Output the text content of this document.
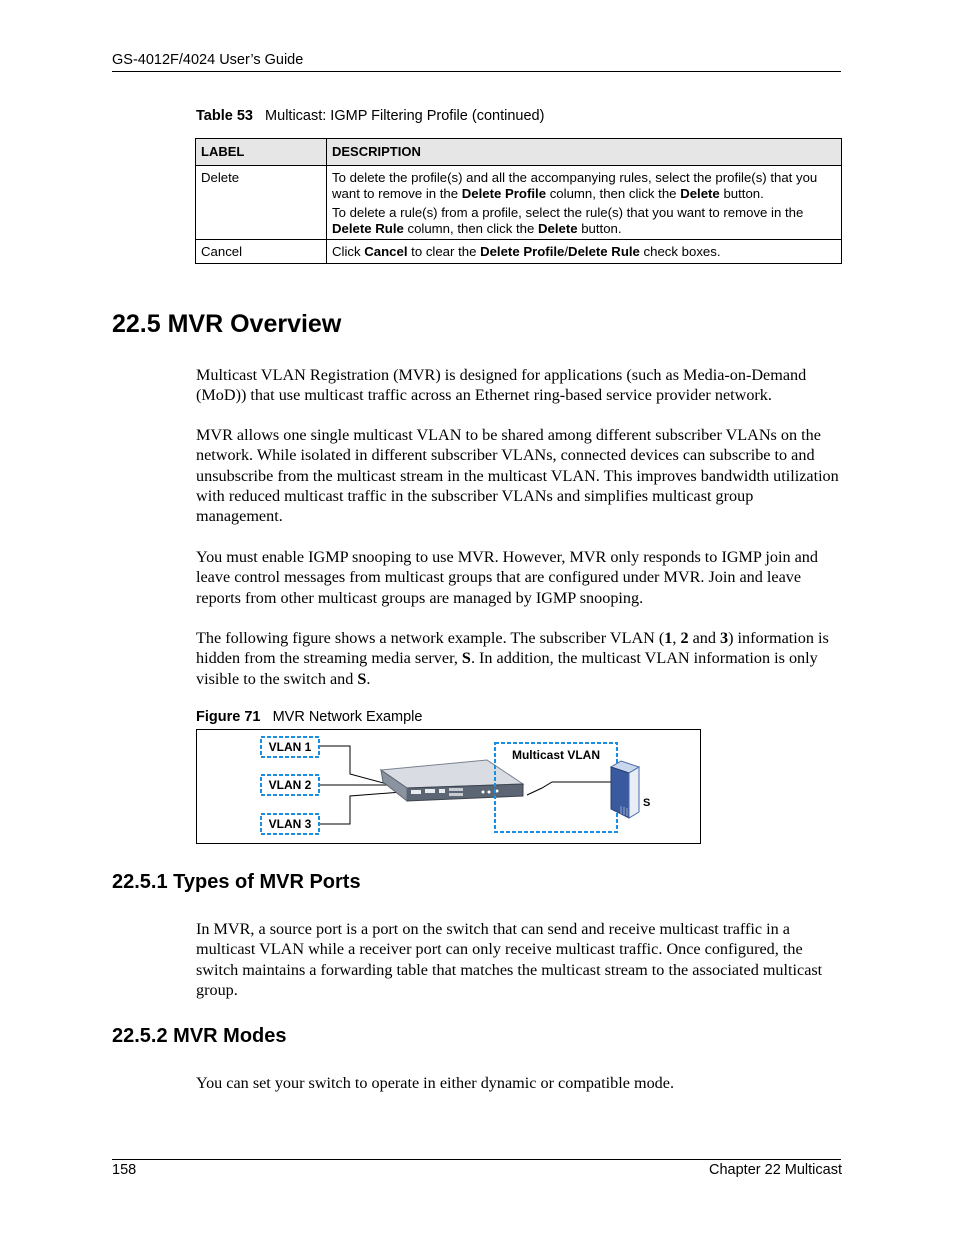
GS-4012F/4024 User’s Guide
Table 53 Multicast: IGMP Filtering Profile (continued)
LABEL	DESCRIPTION
Delete	To delete the profile(s) and all the accompanying rules, select the profile(s) that you want to remove in the Delete Profile column, then click the Delete button.

To delete a rule(s) from a profile, select the rule(s) that you want to remove in the Delete Rule column, then click the Delete button.

Cancel	Click Cancel to clear the Delete Profile/Delete Rule check boxes.

22.5 MVR Overview

Multicast VLAN Registration (MVR) is designed for applications (such as Media-on-Demand (MoD)) that use multicast traffic across an Ethernet ring-based service provider network.

MVR allows one single multicast VLAN to be shared among different subscriber VLANs on the network. While isolated in different subscriber VLANs, connected devices can subscribe to and unsubscribe from the multicast stream in the multicast VLAN. This improves bandwidth utilization with reduced multicast traffic in the subscriber VLANs and simplifies multicast group management.

You must enable IGMP snooping to use MVR. However, MVR only responds to IGMP join and leave control messages from multicast groups that are configured under MVR. Join and leave reports from other multicast groups are managed by IGMP snooping.

The following figure shows a network example. The subscriber VLAN (1, 2 and 3) information is hidden from the streaming media server, S. In addition, the multicast VLAN information is only visible to the switch and S.

Figure 71 MVR Network Example
VLAN 1
VLAN 2
VLAN 3
Multicast VLAN
S
22.5.1 Types of MVR Ports

In MVR, a source port is a port on the switch that can send and receive multicast traffic in a multicast VLAN while a receiver port can only receive multicast traffic. Once configured, the switch maintains a forwarding table that matches the multicast stream to the associated multicast group.

22.5.2 MVR Modes

You can set your switch to operate in either dynamic or compatible mode.

158	Chapter 22 Multicast
